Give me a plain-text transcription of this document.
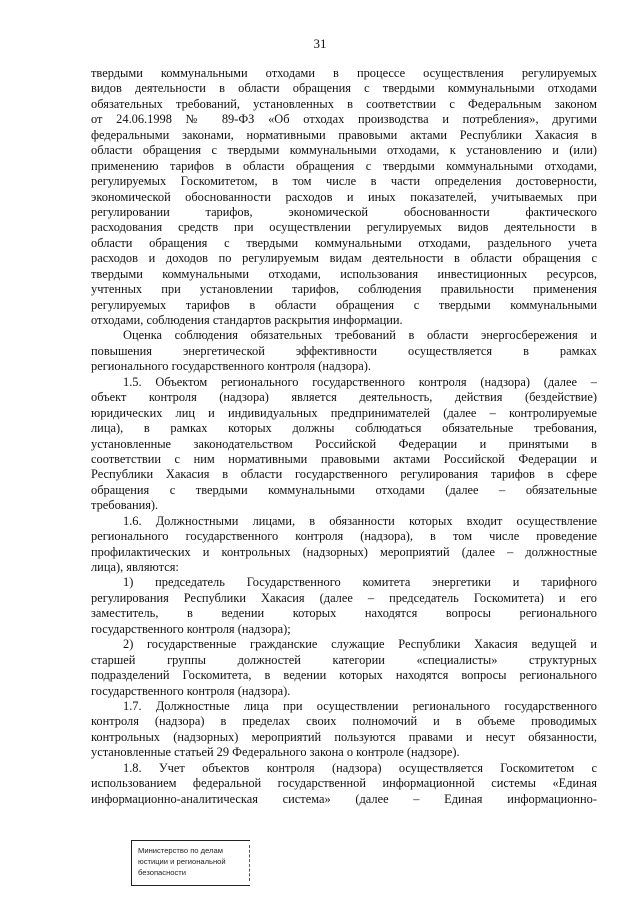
31
твердыми коммунальными отходами в процессе осуществления регулируемых
видов деятельности в области обращения с твердыми коммунальными отходами
обязательных требований, установленных в соответствии с Федеральным законом
от 24.06.1998 № 89-ФЗ «Об отходах производства и потребления», другими
федеральными законами, нормативными правовыми актами Республики Хакасия в
области обращения с твердыми коммунальными отходами, к установлению и (или)
применению тарифов в области обращения с твердыми коммунальными отходами,
регулируемых Госкомитетом, в том числе в части определения достоверности,
экономической обоснованности расходов и иных показателей, учитываемых при
регулировании тарифов, экономической обоснованности фактического
расходования средств при осуществлении регулируемых видов деятельности в
области обращения с твердыми коммунальными отходами, раздельного учета
расходов и доходов по регулируемым видам деятельности в области обращения с
твердыми коммунальными отходами, использования инвестиционных ресурсов,
учтенных при установлении тарифов, соблюдения правильности применения
регулируемых тарифов в области обращения с твердыми коммунальными
отходами, соблюдения стандартов раскрытия информации.
Оценка соблюдения обязательных требований в области энергосбережения и
повышения энергетической эффективности осуществляется в рамках
регионального государственного контроля (надзора).
1.5. Объектом регионального государственного контроля (надзора) (далее –
объект контроля (надзора) является деятельность, действия (бездействие)
юридических лиц и индивидуальных предпринимателей (далее – контролируемые
лица), в рамках которых должны соблюдаться обязательные требования,
установленные законодательством Российской Федерации и принятыми в
соответствии с ним нормативными правовыми актами Российской Федерации и
Республики Хакасия в области государственного регулирования тарифов в сфере
обращения с твердыми коммунальными отходами (далее – обязательные
требования).
1.6. Должностными лицами, в обязанности которых входит осуществление
регионального государственного контроля (надзора), в том числе проведение
профилактических и контрольных (надзорных) мероприятий (далее – должностные
лица), являются:
1) председатель Государственного комитета энергетики и тарифного
регулирования Республики Хакасия (далее – председатель Госкомитета) и его
заместитель, в ведении которых находятся вопросы регионального
государственного контроля (надзора);
2) государственные гражданские служащие Республики Хакасия ведущей и
старшей группы должностей категории «специалисты» структурных
подразделений Госкомитета, в ведении которых находятся вопросы регионального
государственного контроля (надзора).
1.7. Должностные лица при осуществлении регионального государственного
контроля (надзора) в пределах своих полномочий и в объеме проводимых
контрольных (надзорных) мероприятий пользуются правами и несут обязанности,
установленные статьей 29 Федерального закона о контроле (надзоре).
1.8. Учет объектов контроля (надзора) осуществляется Госкомитетом с
использованием федеральной государственной информационной системы «Единая
информационно-аналитическая система» (далее – Единая информационно-
Министерство по делам
юстиции и региональной
безопасности
